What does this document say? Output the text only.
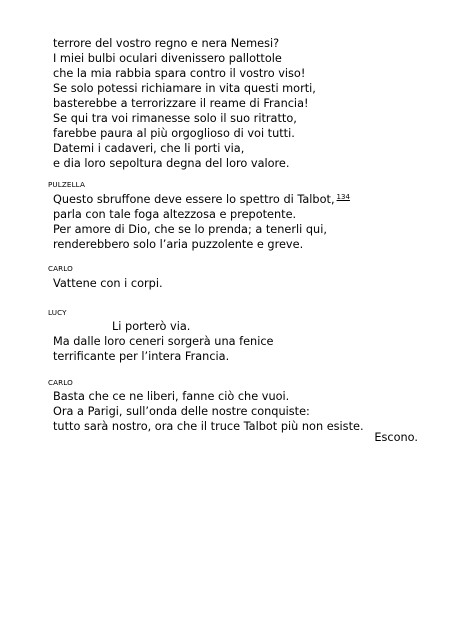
terrore del vostro regno e nera Nemesi?
I miei bulbi oculari divenissero pallottole
che la mia rabbia spara contro il vostro viso!
Se solo potessi richiamare in vita questi morti,
basterebbe a terrorizzare il reame di Francia!
Se qui tra voi rimanesse solo il suo ritratto,
farebbe paura al più orgoglioso di voi tutti.
Datemi i cadaveri, che li porti via,
e dia loro sepoltura degna del loro valore.
PULZELLA
Questo sbruffone deve essere lo spettro di Talbot, $^{134}$
parla con tale foga altezzosa e prepotente.
Per amore di Dio, che se lo prenda; a tenerli qui,
renderebbero solo l’aria puzzolente e greve.
CARLO
Vattene con i corpi.
LUCY
Li porterò via.
Ma dalle loro ceneri sorgerà una fenice
terrificante per l’intera Francia.
CARLO
Basta che ce ne liberi, fanne ciò che vuoi.
Ora a Parigi, sull’onda delle nostre conquiste:
tutto sarà nostro, ora che il truce Talbot più non esiste.
Escono.
